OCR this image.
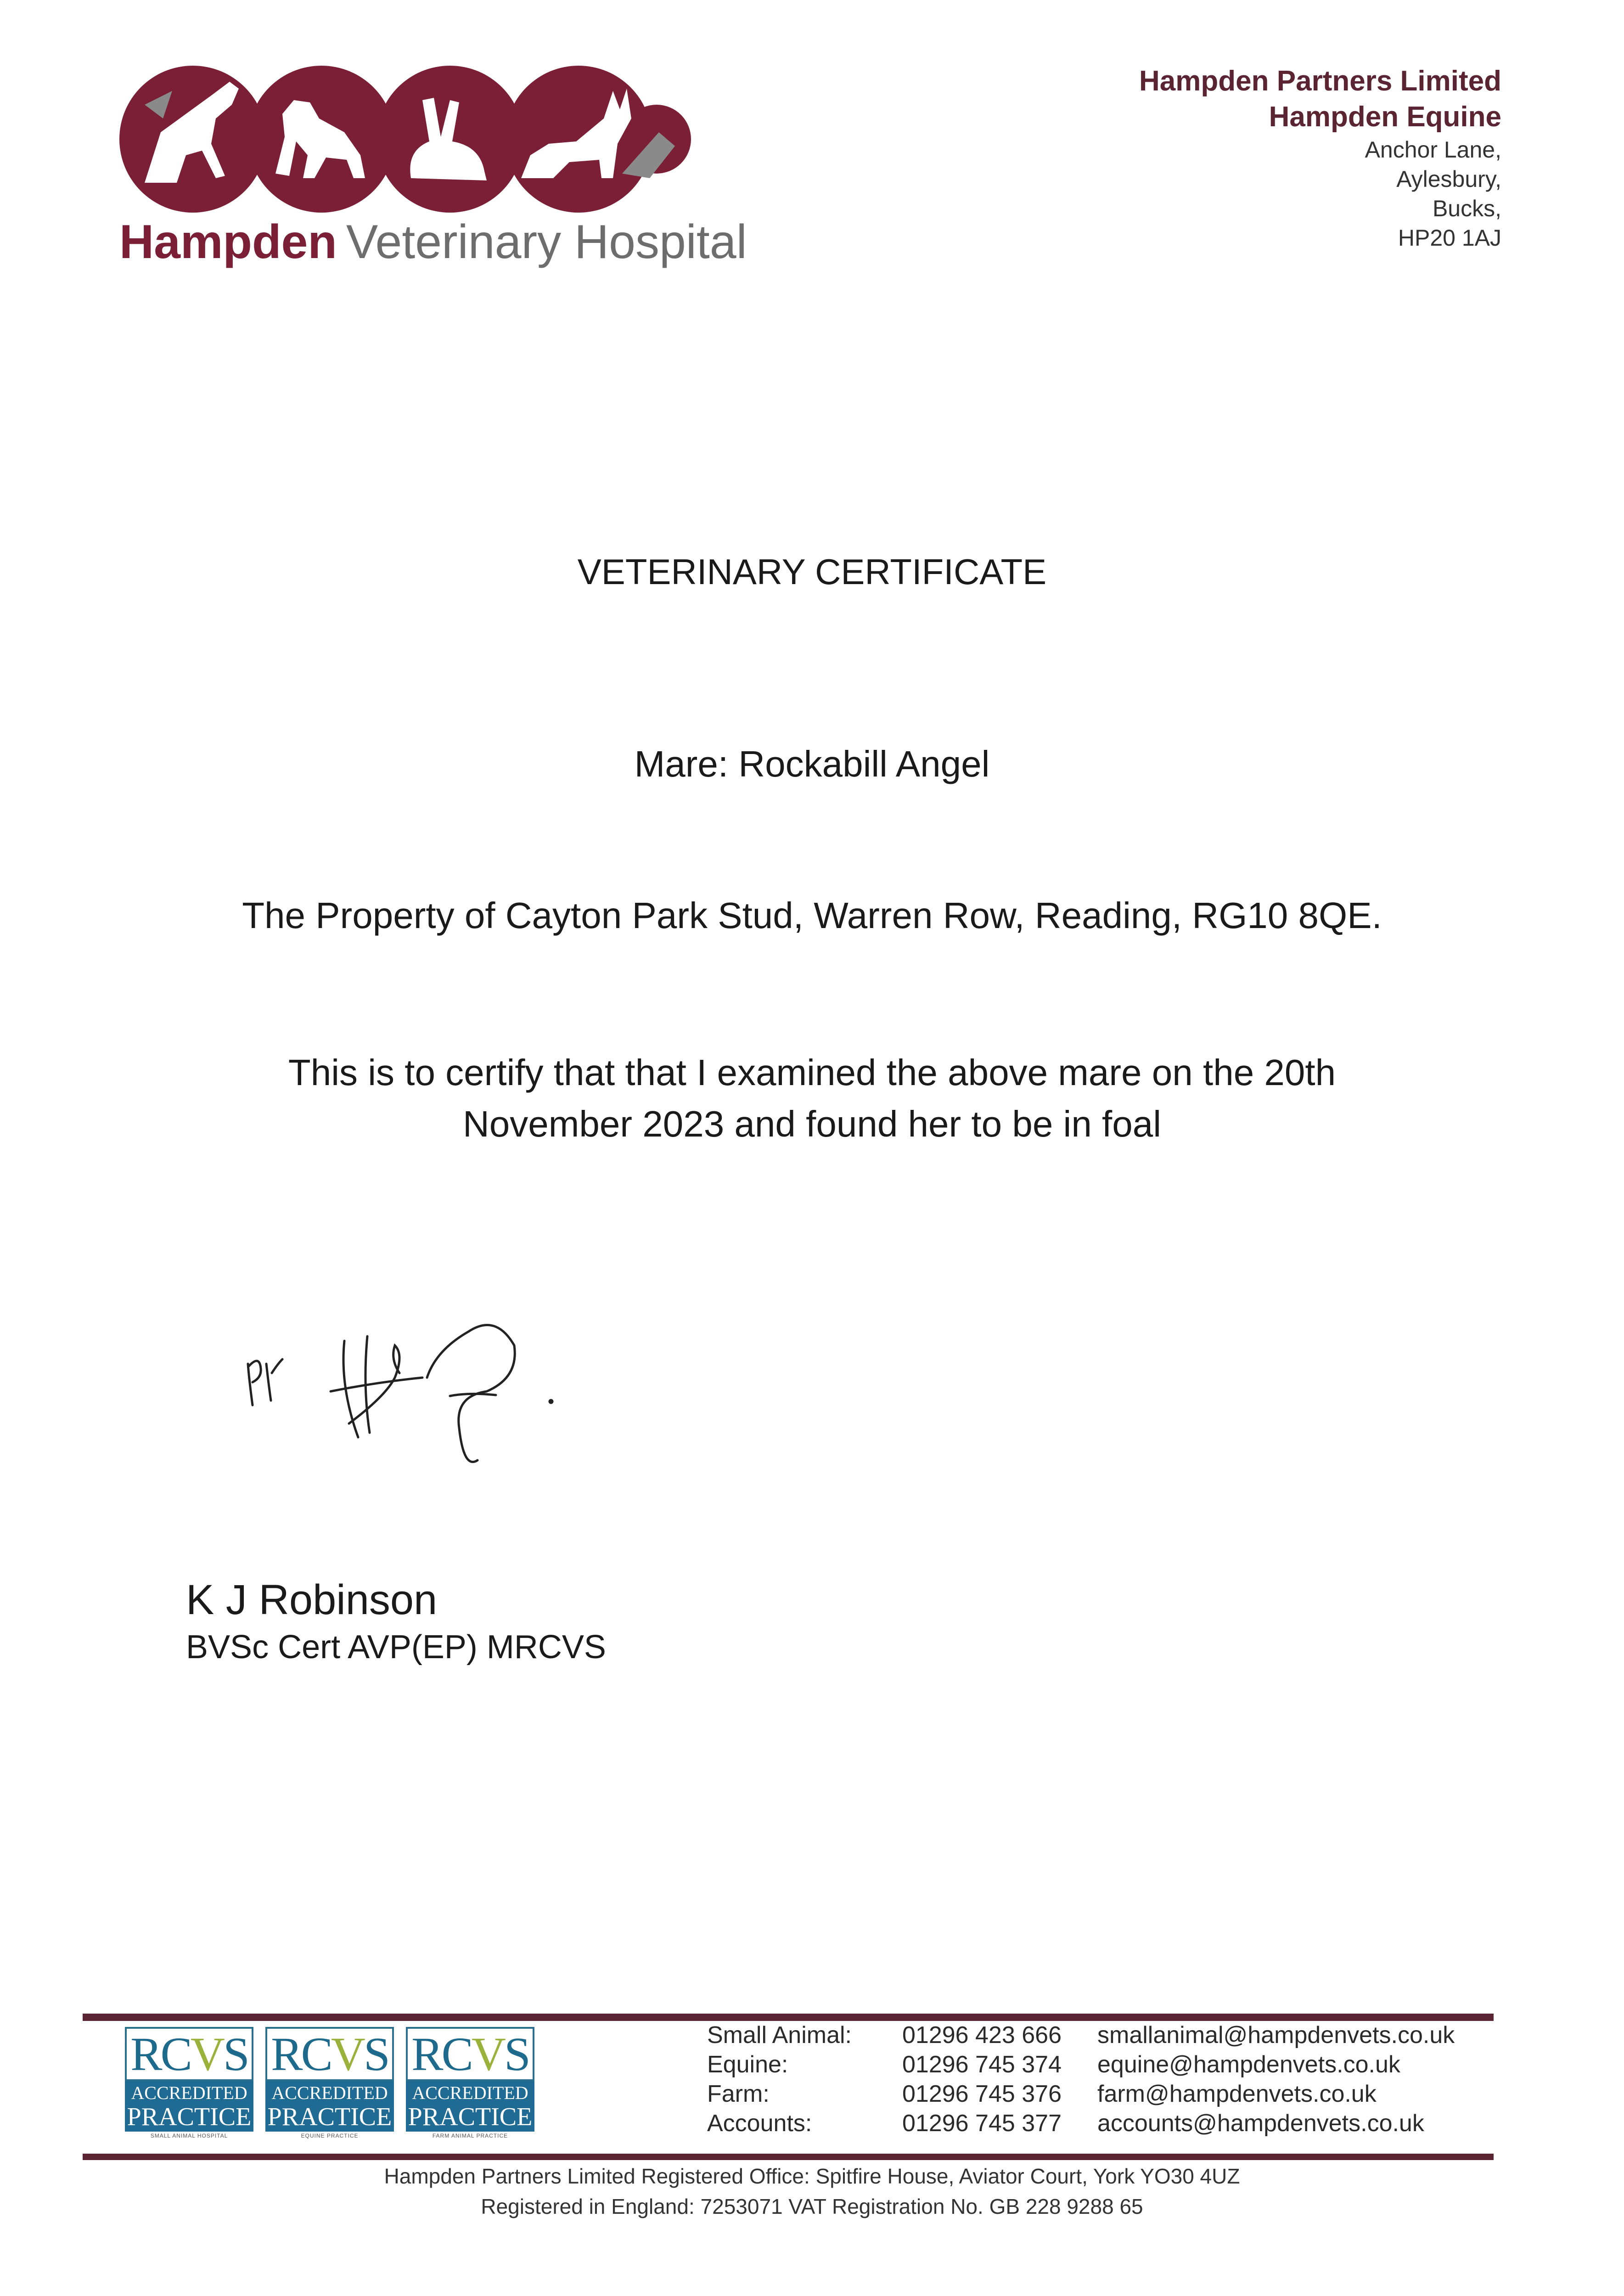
Hampden Veterinary Hospital
Hampden Partners Limited
Hampden Equine
Anchor Lane,
Aylesbury,
Bucks,
HP20 1AJ
VETERINARY CERTIFICATE
Mare: Rockabill Angel
The Property of Cayton Park Stud, Warren Row, Reading, RG10 8QE.
This is to certify that that I examined the above mare on the 20th
November 2023 and found her to be in foal
K J Robinson
BVSc Cert AVP(EP) MRCVS
RCVS
ACCREDITED
PRACTICE
SMALL ANIMAL HOSPITAL
RCVS
ACCREDITED
PRACTICE
EQUINE PRACTICE
RCVS
ACCREDITED
PRACTICE
FARM ANIMAL PRACTICE
Small Animal:	01296 423 666	smallanimal@hampdenvets.co.uk
Equine:	01296 745 374	equine@hampdenvets.co.uk
Farm:	01296 745 376	farm@hampdenvets.co.uk
Accounts:	01296 745 377	accounts@hampdenvets.co.uk
Hampden Partners Limited Registered Office: Spitfire House, Aviator Court, York YO30 4UZ
Registered in England: 7253071 VAT Registration No. GB 228 9288 65
